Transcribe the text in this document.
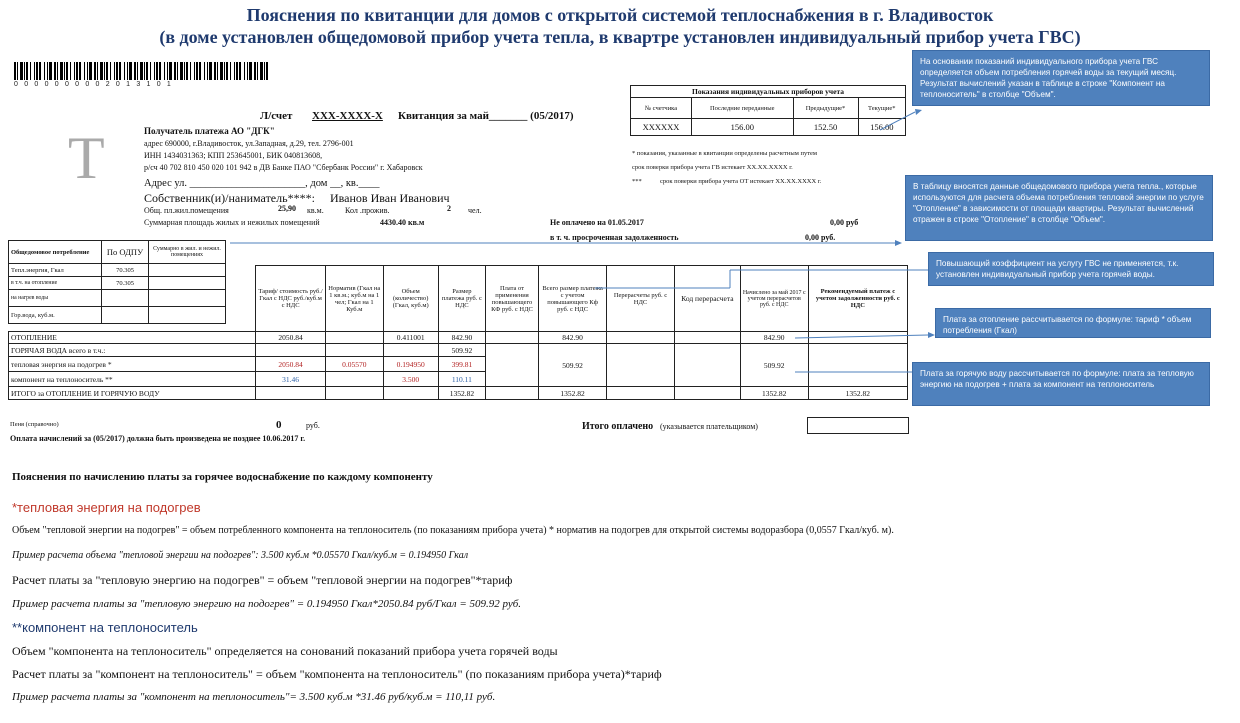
Пояснения по квитанции для домов с открытой системой теплоснабжения в г. Владивосток
(в доме установлен общедомовой прибор учета тепла, в квартре установлен индивидуальный прибор учета ГВС)
0000000002013101
T
Л/счет XXX-XXXX-X Квитанция за май_______ (05/2017)
Получатель платежа АО "ДГК"
адрес 690000, г.Владивосток, ул.Западная, д.29, тел. 2796-001
ИНН 1434031363; КПП 253645001, БИК 040813608,
р/сч 40 702 810 450 020 101 942 в ДВ Банке ПАО "Сбербанк России" г. Хабаровск
Адрес ул. ______________________, дом __, кв.____
Собственник(и)/наниматель****: Иванов Иван Иванович
Общ. пл.жил.помещения	25,90 кв.м.	Кол .прожив.	2 чел.
Суммарная площадь жилых и нежилых помещений	4430.40 кв.м	Не оплачено на 01.05.2017	0,00 руб
в т. ч. просроченная задолженность	0,00 руб.
Показания индивидуальных приборов учета			
№ счетчика	Последние переданные	Предыдущие*	Текущие*
XXXXXX	156.00	152.50	156.00
* показания, указанные в квитанции определены расчетным путем
срок поверки прибора учета ГВ истекает XX.XX.XXXX г.
***	срок поверки прибора учета ОТ истекает XX.XX.XXXX г.
Общедомовое потребление	По ОДПУ	Суммарно в жил. и нежил. помещениях
Тепл.энергия, Гкал	70.305	
в т.ч. на отопление	70.305	
на нагрев воды		
Гор.вода, куб.м.		
	Тариф/ стоимость руб./Гкал с НДС руб./куб.м с НДС	Норматив (Гкал на 1 кв.м.; куб.м на 1 чел; Гкал на 1 Куб.м	Объем (количество) (Гкал, куб.м)	Размер платежа руб. с НДС	Плата от применения повышающего КФ руб. с НДС	Всего размер платежа с учетом повышающего Кф руб. с НДС	Перерасчеты руб. с НДС	Код перерасчета	Начислено за май 2017 с учетом перерасчетов руб. с НДС	Рекомендуемый платеж с учетом задолженности руб. с НДС
ОТОПЛЕНИЕ	2050.84		0.411001	842.90		842.90			842.90	
ГОРЯЧАЯ ВОДА всего в т.ч.:				509.92		509.92			509.92	
тепловая энергия на подогрев *	2050.84	0.05570	0.194950	399.81						
компонент на теплоноситель **	31.46		3.500	110.11						
ИТОГО за ОТОПЛЕНИЕ И ГОРЯЧУЮ ВОДУ				1352.82		1352.82			1352.82	1352.82
Пеня (справочно)	0	руб.	Итого оплачено (указывается плательщиком)
Оплата начислений за (05/2017) должна быть произведена не позднее 10.06.2017 г.
На основании показаний индивидуального прибора учета ГВС определяется объем потребления горячей воды за текущий месяц. Результат вычислений указан в таблице в строке "Компонент на теплоноситель" в столбце "Объем".
В таблицу вносятся данные общедомового прибора учета тепла., которые используются для расчета объема потребления тепловой энергии по услуге "Отопление" в зависимости от площади квартиры. Результат вычислений отражен в строке "Отопление" в столбце "Объем".
Повышающий коэффициент на услугу ГВС не применяется, т.к. установлен индивидуальный прибор учета горячей воды.
Плата за отопление рассчитывается по формуле: тариф * объем потребления (Гкал)
Плата за горячую воду рассчитывается по формуле: плата за тепловую энергию на подогрев + плата за компонент на теплоноситель
Пояснения по начислению платы за горячее водоснабжение по каждому компоненту
*тепловая энергия на подогрев
Объем "тепловой энергии на подогрев" = объем потребленного компонента на теплоноситель (по показаниям прибора учета) * норматив на подогрев для открытой системы водоразбора (0,0557 Гкал/куб. м).
Пример расчета объема "тепловой энергии на подогрев": 3.500 куб.м *0.05570 Гкал/куб.м = 0.194950 Гкал
Расчет платы за "тепловую энергию на подогрев" = объем "тепловой энергии на подогрев"*тариф
Пример расчета платы за "тепловую энергию на подогрев" = 0.194950 Гкал*2050.84 руб/Гкал = 509.92 руб.
**компонент на теплоноситель
Объем "компонента на теплоноситель" определяется на сонований показаний прибора учета горячей воды
Расчет платы за "компонент на теплоноситель" = объем "компонента на теплоноситель" (по показаниям прибора учета)*тариф
Пример расчета платы за "компонент на теплоноситель"= 3.500 куб.м *31.46 руб/куб.м = 110,11 руб.
